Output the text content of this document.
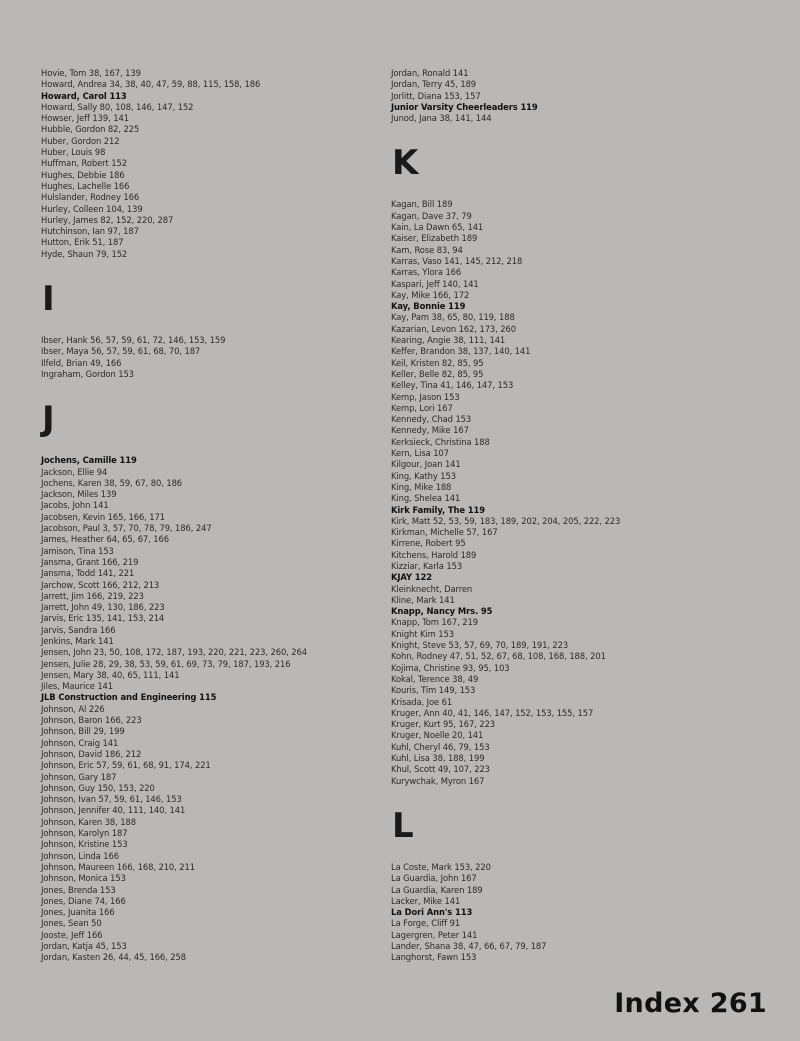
Hovie, Tom 38, 167, 139
Howard, Andrea 34, 38, 40, 47, 59, 88, 115, 158, 186
Howard, Carol 113
Howard, Sally 80, 108, 146, 147, 152
Howser, Jeff 139, 141
Hubble, Gordon 82, 225
Huber, Gordon 212
Huber, Louis 98
Huffman, Robert 152
Hughes, Debbie 186
Hughes, Lachelle 166
Hulslander, Rodney 166
Hurley, Colleen 104, 139
Hurley, James 82, 152, 220, 287
Hutchinson, Ian 97, 187
Hutton, Erik 51, 187
Hyde, Shaun 79, 152
I
Ibser, Hank 56, 57, 59, 61, 72, 146, 153, 159
Ibser, Maya 56, 57, 59, 61, 68, 70, 187
Ilfeld, Brian 49, 166
Ingraham, Gordon 153
J
Jochens, Camille 119
Jackson, Ellie 94
Jochens, Karen 38, 59, 67, 80, 186
Jackson, Miles 139
Jacobs, John 141
Jacobsen, Kevin 165, 166, 171
Jacobson, Paul 3, 57, 70, 78, 79, 186, 247
James, Heather 64, 65, 67, 166
Jamison, Tina 153
Jansma, Grant 166, 219
Jansma, Todd 141, 221
Jarchow, Scott 166, 212, 213
Jarrett, Jim 166, 219, 223
Jarrett, John 49, 130, 186, 223
Jarvis, Eric 135, 141, 153, 214
Jarvis, Sandra 166
Jenkins, Mark 141
Jensen, John 23, 50, 108, 172, 187, 193, 220, 221, 223, 260, 264
Jensen, Julie 28, 29, 38, 53, 59, 61, 69, 73, 79, 187, 193, 216
Jensen, Mary 38, 40, 65, 111, 141
Jiles, Maurice 141
JLB Construction and Engineering 115
Johnson, Al 226
Johnson, Baron 166, 223
Johnson, Bill 29, 199
Johnson, Craig 141
Johnson, David 186, 212
Johnson, Eric 57, 59, 61, 68, 91, 174, 221
Johnson, Gary 187
Johnson, Guy 150, 153, 220
Johnson, Ivan 57, 59, 61, 146, 153
Johnson, Jennifer 40, 111, 140, 141
Johnson, Karen 38, 188
Johnson, Karolyn 187
Johnson, Kristine 153
Johnson, Linda 166
Johnson, Maureen 166, 168, 210, 211
Johnson, Monica 153
Jones, Brenda 153
Jones, Diane 74, 166
Jones, Juanita 166
Jones, Sean 50
Jooste, Jeff 166
Jordan, Katja 45, 153
Jordan, Kasten 26, 44, 45, 166, 258
Jordan, Ronald 141
Jordan, Terry 45, 189
Jorlitt, Diana 153, 157
Junior Varsity Cheerleaders 119
Junod, Jana 38, 141, 144
K
Kagan, Bill 189
Kagan, Dave 37, 79
Kain, La Dawn 65, 141
Kaiser, Elizabeth 189
Kam, Rose 83, 94
Karras, Vaso 141, 145, 212, 218
Karras, Ylora 166
Kaspari, Jeff 140, 141
Kay, Mike 166, 172
Kay, Bonnie 119
Kay, Pam 38, 65, 80, 119, 188
Kazarian, Levon 162, 173, 260
Kearing, Angie 38, 111, 141
Keffer, Brandon 38, 137, 140, 141
Keil, Kristen 82, 85, 95
Keller, Belle 82, 85, 95
Kelley, Tina 41, 146, 147, 153
Kemp, Jason 153
Kemp, Lori 167
Kennedy, Chad 153
Kennedy, Mike 167
Kerksieck, Christina 188
Kern, Lisa 107
Kilgour, Joan 141
King, Kathy 153
King, Mike 188
King, Shelea 141
Kirk Family, The 119
Kirk, Matt 52, 53, 59, 183, 189, 202, 204, 205, 222, 223
Kirkman, Michelle 57, 167
Kirrene, Robert 95
Kitchens, Harold 189
Kizziar, Karla 153
KJAY 122
Kleinknecht, Darren
Kline, Mark 141
Knapp, Nancy Mrs. 95
Knapp, Tom 167, 219
Knight Kim 153
Knight, Steve 53, 57, 69, 70, 189, 191, 223
Kohn, Rodney 47, 51, 52, 67, 68, 108, 168, 188, 201
Kojima, Christine 93, 95, 103
Kokal, Terence 38, 49
Kouris, Tim 149, 153
Krisada, Joe 61
Kruger, Ann 40, 41, 146, 147, 152, 153, 155, 157
Kruger, Kurt 95, 167, 223
Kruger, Noelle 20, 141
Kuhl, Cheryl 46, 79, 153
Kuhl, Lisa 38, 188, 199
Khul, Scott 49, 107, 223
Kurywchak, Myron 167
L
La Coste, Mark 153, 220
La Guardia, John 167
La Guardia, Karen 189
Lacker, Mike 141
La Dori Ann's 113
La Forge, Cliff 91
Lagergren, Peter 141
Lander, Shana 38, 47, 66, 67, 79, 187
Langhorst, Fawn 153
Index 261
